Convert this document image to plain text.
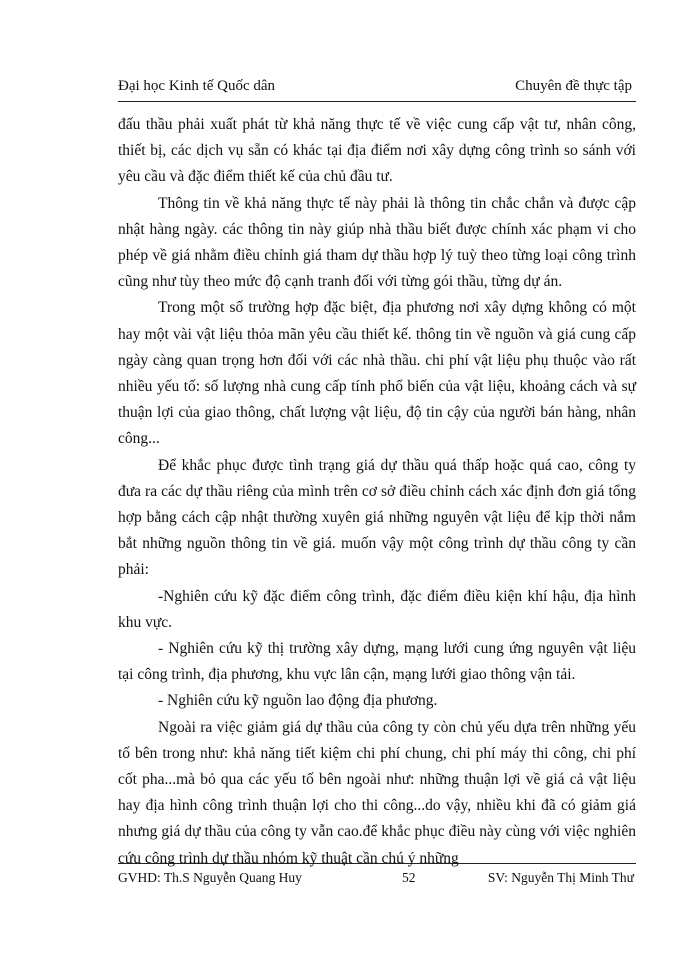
Đại học Kinh tế Quốc dân	Chuyên đề thực tập

đấu thầu phải xuất phát từ khả năng thực tế về việc cung cấp vật tư, nhân công, thiết bị, các dịch vụ sẵn có khác tại địa điểm nơi xây dựng công trình so sánh với yêu cầu và đặc điểm thiết kế của chủ đầu tư.

Thông tin về khả năng thực tế này phải là thông tin chắc chắn và được cập nhật hàng ngày. các thông tin này giúp nhà thầu biết được chính xác phạm vi cho phép về giá nhằm điều chỉnh giá tham dự thầu hợp lý tuỳ theo từng loại công trình cũng như tùy theo mức độ cạnh tranh đối với từng gói thầu, từng dự án.

Trong một số trường hợp đặc biệt, địa phương nơi xây dựng không có một hay một vài vật liệu thỏa mãn yêu cầu thiết kế. thông tin về nguồn và giá cung cấp ngày càng quan trọng hơn đối với các nhà thầu. chi phí vật liệu phụ thuộc vào rất nhiều yếu tố: số lượng nhà cung cấp tính phổ biến của vật liệu, khoảng cách và sự thuận lợi của giao thông, chất lượng vật liệu, độ tin cậy của người bán hàng, nhân công...

Để khắc phục được tình trạng giá dự thầu quá thấp hoặc quá cao, công ty đưa ra các dự thầu riêng của mình trên cơ sở điều chỉnh cách xác định đơn giá tổng hợp bằng cách cập nhật thường xuyên giá những nguyên vật liệu để kịp thời nắm bắt những nguồn thông tin về giá. muốn vậy một công trình dự thầu công ty cần phải:

-Nghiên cứu kỹ đặc điểm công trình, đặc điểm điều kiện khí hậu, địa hình khu vực.

- Nghiên cứu kỹ thị trường xây dựng, mạng lưới cung ứng nguyên vật liệu tại công trình, địa phương, khu vực lân cận, mạng lưới giao thông vận tải.

- Nghiên cứu kỹ nguồn lao động địa phương.

Ngoài ra việc giảm giá dự thầu của công ty còn chủ yếu dựa trên những yếu tố bên trong như: khả năng tiết kiệm chi phí chung, chi phí máy thi công, chi phí cốt pha...mà bỏ qua các yếu tố bên ngoài như: những thuận lợi về giá cả vật liệu hay địa hình công trình thuận lợi cho thi công...do vậy, nhiều khi đã có giảm giá nhưng giá dự thầu của công ty vẫn cao.để khắc phục điều này cùng với việc nghiên cứu công trình dự thầu nhóm kỹ thuật cần chú ý những

GVHD: Th.S Nguyễn Quang Huy	52	SV: Nguyễn Thị Minh Thư
